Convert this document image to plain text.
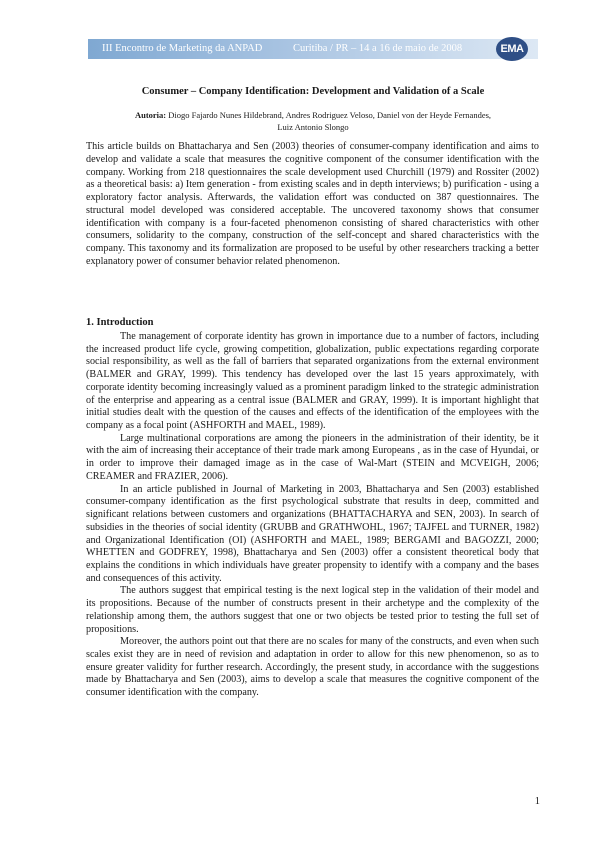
III Encontro de Marketing da ANPAD	Curitiba / PR – 14 a 16 de maio de 2008	EMA
Consumer – Company Identification: Development and Validation of a Scale
Autoria: Diogo Fajardo Nunes Hildebrand, Andres Rodriguez Veloso, Daniel von der Heyde Fernandes,
Luiz Antonio Slongo

This article builds on Bhattacharya and Sen (2003) theories of consumer-company identification and aims to develop and validate a scale that measures the cognitive component of the consumer identification with the company. Working from 218 questionnaires the scale development used Churchill (1979) and Rossiter (2002) as a theoretical basis: a) Item generation - from existing scales and in depth interviews; b) purification - using a exploratory factor analysis. Afterwards, the validation effort was conducted on 387 questionnaires. The structural model developed was considered acceptable. The uncovered taxonomy shows that consumer identification with company is a four-faceted phenomenon consisting of shared characteristics with other consumers, solidarity to the company, construction of the self-concept and shared characteristics with the company. This taxonomy and its formalization are proposed to be useful by other researchers tracking a better explanatory power of consumer behavior related phenomenon.

1. Introduction

The management of corporate identity has grown in importance due to a number of factors, including the increased product life cycle, growing competition, globalization, public expectations regarding corporate social responsibility, as well as the fall of barriers that separated organizations from the external environment (BALMER and GRAY, 1999). This tendency has developed over the last 15 years approximately, with corporate identity becoming increasingly valued as a prominent paradigm linked to the strategic administration of the enterprise and appearing as a central issue (BALMER and GRAY, 1999). It is important highlight that initial studies dealt with the question of the causes and effects of the identification of the employees with the company as a focal point (ASHFORTH and MAEL, 1989).

Large multinational corporations are among the pioneers in the administration of their identity, be it with the aim of increasing their acceptance of their trade mark among Europeans , as in the case of Hyundai, or in order to improve their damaged image as in the case of Wal-Mart (STEIN and MCVEIGH, 2006; CREAMER and FRAZIER, 2006).

In an article published in Journal of Marketing in 2003, Bhattacharya and Sen (2003) established consumer-company identification as the first psychological substrate that results in deep, committed and significant relations between customers and organizations (BHATTACHARYA and SEN, 2003). In search of subsidies in the theories of social identity (GRUBB and GRATHWOHL, 1967; TAJFEL and TURNER, 1982) and Organizational Identification (OI) (ASHFORTH and MAEL, 1989; BERGAMI and BAGOZZI, 2000; WHETTEN and GODFREY, 1998), Bhattacharya and Sen (2003) offer a consistent theoretical body that explains the conditions in which individuals have greater propensity to identify with a company and the bases and consequences of this activity.

The authors suggest that empirical testing is the next logical step in the validation of their model and its propositions. Because of the number of constructs present in their archetype and the complexity of the relationship among them, the authors suggest that one or two objects be tested prior to testing the full set of propositions.

Moreover, the authors point out that there are no scales for many of the constructs, and even when such scales exist they are in need of revision and adaptation in order to allow for this new phenomenon, so as to ensure greater validity for further research. Accordingly, the present study, in accordance with the suggestions made by Bhattacharya and Sen (2003), aims to develop a scale that measures the cognitive component of the consumer identification with the company.

1
